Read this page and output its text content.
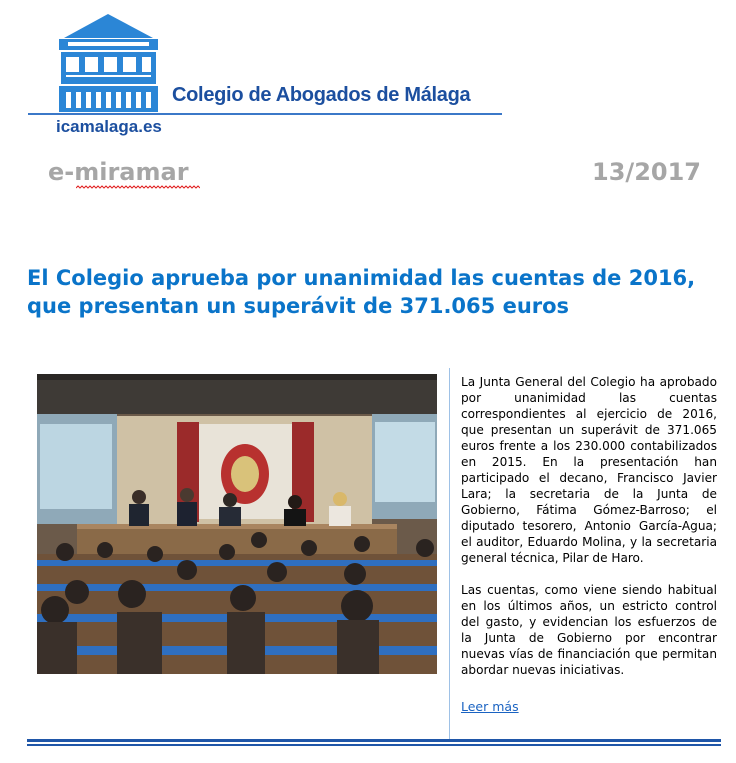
Colegio de Abogados de Málaga
icamalaga.es
e-miramar	13/2017
El Colegio aprueba por unanimidad las cuentas de 2016, que presentan un superávit de 371.065 euros

La Junta General del Colegio ha aprobado por unanimidad las cuentas correspondientes al ejercicio de 2016, que presentan un superávit de 371.065 euros frente a los 230.000 contabilizados en 2015. En la presentación han participado el decano, Francisco Javier Lara; la secretaria de la Junta de Gobierno, Fátima Gómez-Barroso; el diputado tesorero, Antonio García-Agua; el auditor, Eduardo Molina, y la secretaria general técnica, Pilar de Haro.

Las cuentas, como viene siendo habitual en los últimos años, un estricto control del gasto, y evidencian los esfuerzos de la Junta de Gobierno por encontrar nuevas vías de financiación que permitan abordar nuevas iniciativas.

Leer más
